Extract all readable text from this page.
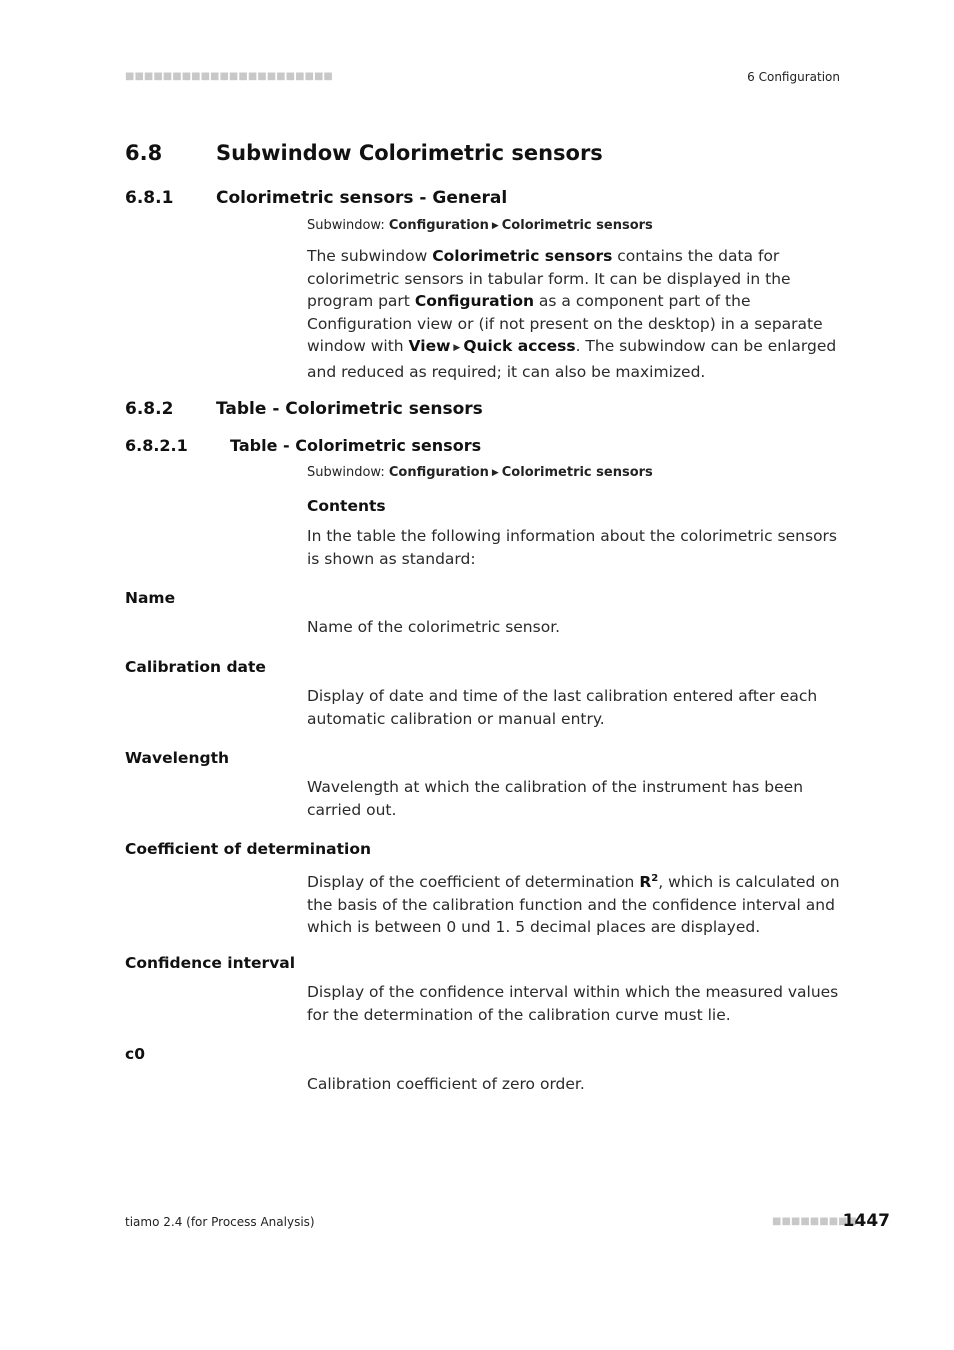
■■■■■■■■■■■■■■■■■■■■■■	6 Configuration
6.8	Subwindow Colorimetric sensors
6.8.1	Colorimetric sensors - General
Subwindow: Configuration ▶ Colorimetric sensors
The subwindow Colorimetric sensors contains the data for colorimetric sensors in tabular form. It can be displayed in the program part Configuration as a component part of the Configuration view or (if not present on the desktop) in a separate window with View ▶ Quick access. The subwindow can be enlarged and reduced as required; it can also be maximized.
6.8.2	Table - Colorimetric sensors
6.8.2.1	Table - Colorimetric sensors
Subwindow: Configuration ▶ Colorimetric sensors
Contents
In the table the following information about the colorimetric sensors is shown as standard:
Name
Name of the colorimetric sensor.
Calibration date
Display of date and time of the last calibration entered after each automatic calibration or manual entry.
Wavelength
Wavelength at which the calibration of the instrument has been carried out.
Coefficient of determination
Display of the coefficient of determination $R^2$, which is calculated on the basis of the calibration function and the confidence interval and which is between 0 und 1. 5 decimal places are displayed.
Confidence interval
Display of the confidence interval within which the measured values for the determination of the calibration curve must lie.
c0
Calibration coefficient of zero order.
tiamo 2.4 (for Process Analysis)	■■■■■■■■■
1447
